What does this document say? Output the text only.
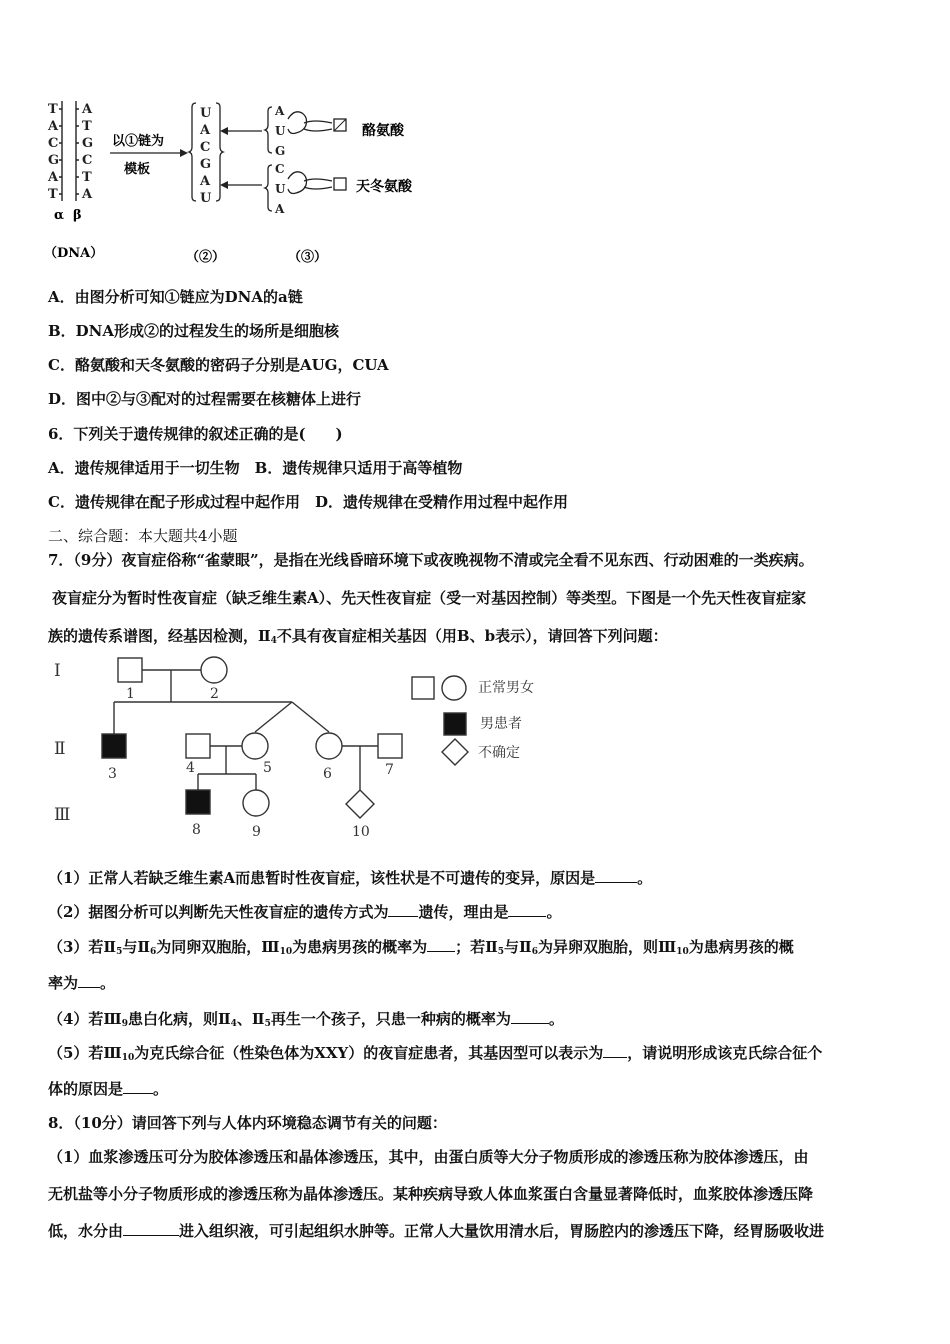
T
A
C
G
A
T
A
T
G
C
T
A
α β
以①链为
模板
U
A
C
G
A
U
A
U
G
酪氨酸
C
U
A
天冬氨酸
（DNA）	（②）	（③）
A．由图分析可知①链应为DNA的a链
B．DNA形成②的过程发生的场所是细胞核
C．酪氨酸和天冬氨酸的密码子分别是AUG，CUA
D．图中②与③配对的过程需要在核糖体上进行
6．下列关于遗传规律的叙述正确的是(　　)
A．遗传规律适用于一切生物　B．遗传规律只适用于高等植物
C．遗传规律在配子形成过程中起作用　D．遗传规律在受精作用过程中起作用
二、综合题：本大题共4小题
7．（9分）夜盲症俗称“雀蒙眼”，是指在光线昏暗环境下或夜晚视物不清或完全看不见东西、行动困难的一类疾病。
夜盲症分为暂时性夜盲症（缺乏维生素A）、先天性夜盲症（受一对基因控制）等类型。下图是一个先天性夜盲症家
族的遗传系谱图，经基因检测，$Ⅱ_4$不具有夜盲症相关基因（用B、b表示），请回答下列问题：
Ⅰ
Ⅱ
Ⅲ
1	2
3	4	5	6	7
8	9	10
正常男女
男患者
不确定
（1）正常人若缺乏维生素A而患暂时性夜盲症，该性状是不可遗传的变异，原因是	。
（2）据图分析可以判断先天性夜盲症的遗传方式为 遗传，理由是	。
（3）若$Ⅱ_5$与$Ⅱ_6$为同卵双胞胎，$Ⅲ_{10}$为患病男孩的概率为 ；若$Ⅱ_5$与$Ⅱ_6$为异卵双胞胎，则$Ⅲ_{10}$为患病男孩的概
率为 。
（4）若$Ⅲ_9$患白化病，则$Ⅱ_4$、$Ⅱ_5$再生一个孩子，只患一种病的概率为	。
（5）若$Ⅲ_{10}$为克氏综合征（性染色体为XXY）的夜盲症患者，其基因型可以表示为 ，请说明形成该克氏综合征个
体的原因是 。
8．（10分）请回答下列与人体内环境稳态调节有关的问题：
（1）血浆渗透压可分为胶体渗透压和晶体渗透压，其中，由蛋白质等大分子物质形成的渗透压称为胶体渗透压，由
无机盐等小分子物质形成的渗透压称为晶体渗透压。某种疾病导致人体血浆蛋白含量显著降低时，血浆胶体渗透压降
低，水分由	进入组织液，可引起组织水肿等。正常人大量饮用清水后，胃肠腔内的渗透压下降，经胃肠吸收进
